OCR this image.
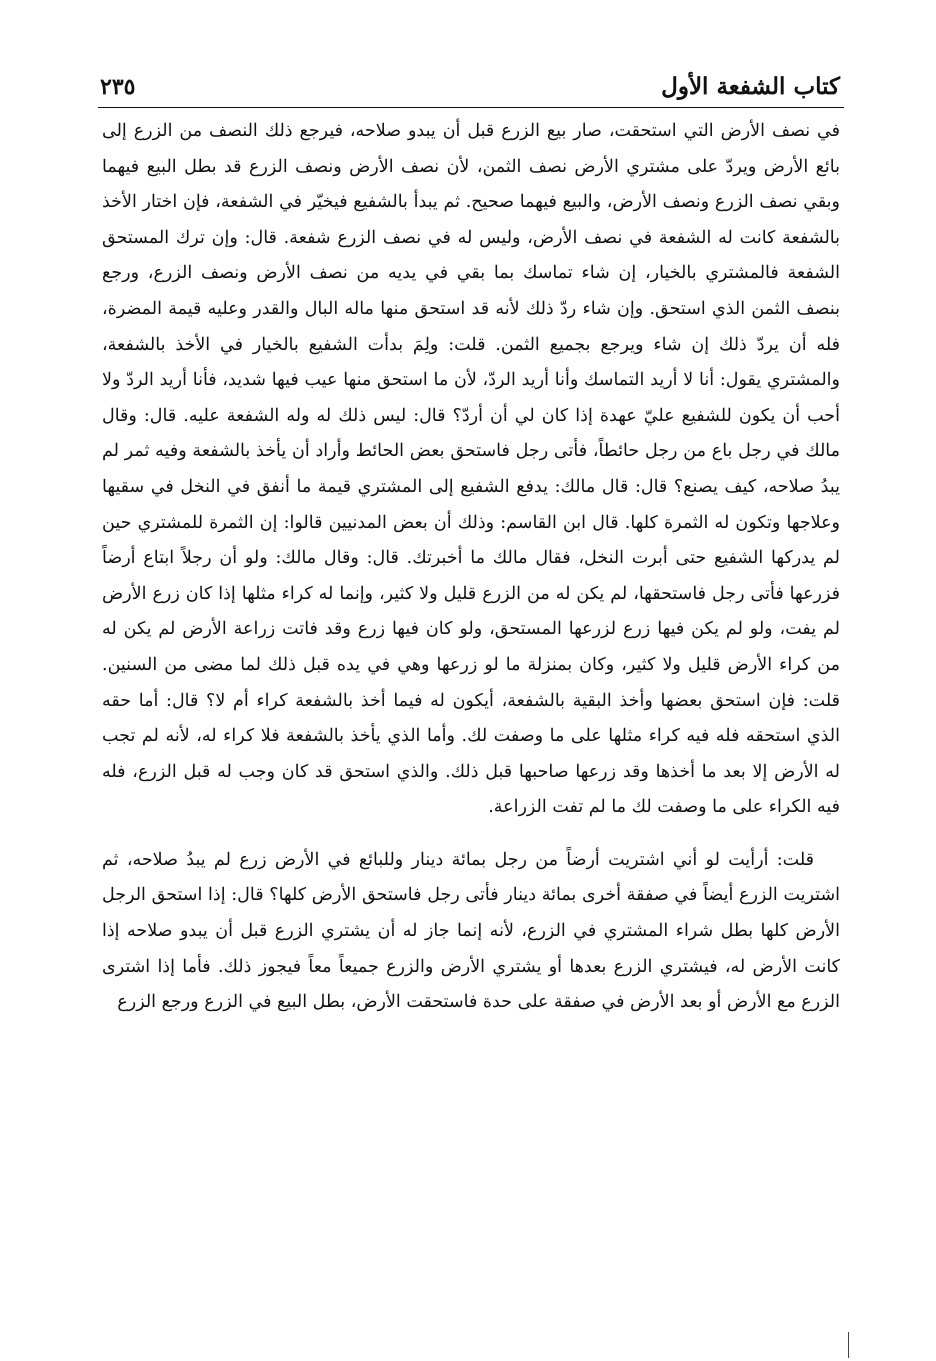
كتاب الشفعة الأول
٢٣٥

في نصف الأرض التي استحقت، صار بيع الزرع قبل أن يبدو صلاحه، فيرجع ذلك النصف من الزرع إلى بائع الأرض ويردّ على مشتري الأرض نصف الثمن، لأن نصف الأرض ونصف الزرع قد بطل البيع فيهما وبقي نصف الزرع ونصف الأرض، والبيع فيهما صحيح. ثم يبدأ بالشفيع فيخيّر في الشفعة، فإن اختار الأخذ بالشفعة كانت له الشفعة في نصف الأرض، وليس له في نصف الزرع شفعة. قال: وإن ترك المستحق الشفعة فالمشتري بالخيار، إن شاء تماسك بما بقي في يديه من نصف الأرض ونصف الزرع، ورجع بنصف الثمن الذي استحق. وإن شاء ردّ ذلك لأنه قد استحق منها ماله البال والقدر وعليه قيمة المضرة، فله أن يردّ ذلك إن شاء ويرجع بجميع الثمن. قلت: ولِمَ بدأت الشفيع بالخيار في الأخذ بالشفعة، والمشتري يقول: أنا لا أريد التماسك وأنا أريد الردّ، لأن ما استحق منها عيب فيها شديد، فأنا أريد الردّ ولا أحب أن يكون للشفيع عليّ عهدة إذا كان لي أن أردّ؟ قال: ليس ذلك له وله الشفعة عليه. قال: وقال مالك في رجل باع من رجل حائطاً، فأتى رجل فاستحق بعض الحائط وأراد أن يأخذ بالشفعة وفيه ثمر لم يبدُ صلاحه، كيف يصنع؟ قال: قال مالك: يدفع الشفيع إلى المشتري قيمة ما أنفق في النخل في سقيها وعلاجها وتكون له الثمرة كلها. قال ابن القاسم: وذلك أن بعض المدنيين قالوا: إن الثمرة للمشتري حين لم يدركها الشفيع حتى أبرت النخل، فقال مالك ما أخبرتك. قال: وقال مالك: ولو أن رجلاً ابتاع أرضاً فزرعها فأتى رجل فاستحقها، لم يكن له من الزرع قليل ولا كثير، وإنما له كراء مثلها إذا كان زرع الأرض لم يفت، ولو لم يكن فيها زرع لزرعها المستحق، ولو كان فيها زرع وقد فاتت زراعة الأرض لم يكن له من كراء الأرض قليل ولا كثير، وكان بمنزلة ما لو زرعها وهي في يده قبل ذلك لما مضى من السنين. قلت: فإن استحق بعضها وأخذ البقية بالشفعة، أيكون له فيما أخذ بالشفعة كراء أم لا؟ قال: أما حقه الذي استحقه فله فيه كراء مثلها على ما وصفت لك. وأما الذي يأخذ بالشفعة فلا كراء له، لأنه لم تجب له الأرض إلا بعد ما أخذها وقد زرعها صاحبها قبل ذلك. والذي استحق قد كان وجب له قبل الزرع، فله فيه الكراء على ما وصفت لك ما لم تفت الزراعة.

قلت: أرأيت لو أني اشتريت أرضاً من رجل بمائة دينار وللبائع في الأرض زرع لم يبدُ صلاحه، ثم اشتريت الزرع أيضاً في صفقة أخرى بمائة دينار فأتى رجل فاستحق الأرض كلها؟ قال: إذا استحق الرجل الأرض كلها بطل شراء المشتري في الزرع، لأنه إنما جاز له أن يشتري الزرع قبل أن يبدو صلاحه إذا كانت الأرض له، فيشتري الزرع بعدها أو يشتري الأرض والزرع جميعاً معاً فيجوز ذلك. فأما إذا اشترى الزرع مع الأرض أو بعد الأرض في صفقة على حدة فاستحقت الأرض، بطل البيع في الزرع ورجع الزرع
